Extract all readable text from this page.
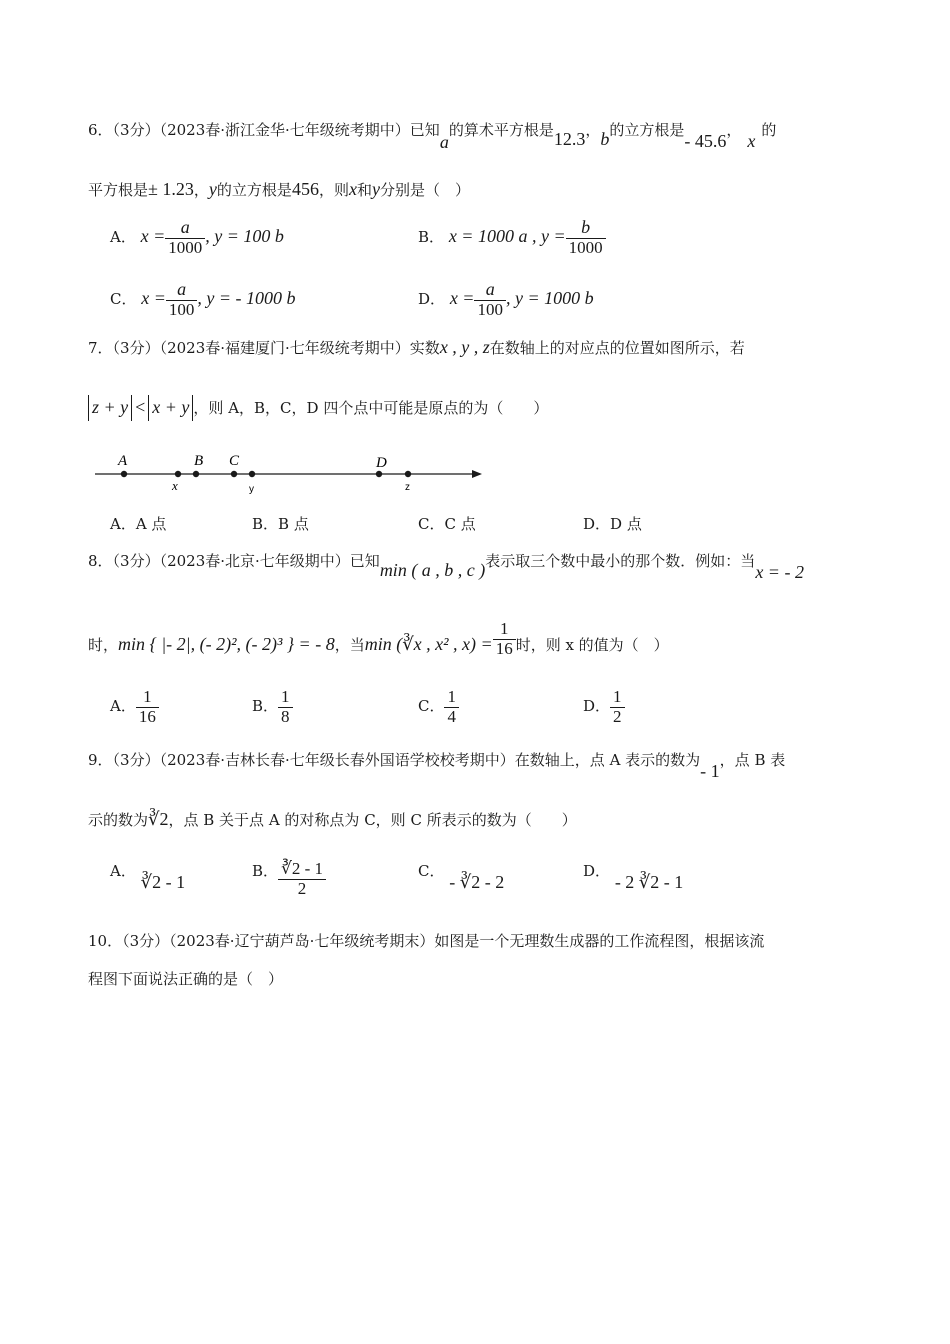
6．（3分）（2023春·浙江金华·七年级统考期中）已知a的算术平方根是12.3，b的立方根是- 45.6，x的
平方根是± 1.23，y的立方根是456，则x和y分别是（　）
A． $x = \frac{a}{1000}$ , y = 100 b	B． x = 1000 a , $y = \frac{b}{1000}$
C． $x = \frac{a}{100}$ , y = - 1000 b	D． $x = \frac{a}{100}$ , y = 1000 b
7．（3分）（2023春·福建厦门·七年级统考期中）实数x , y , z在数轴上的对应点的位置如图所示，若
z + y < x + y ，则 A，B，C，D 四个点中可能是原点的为（　　）
A	B C	D
x	y	z
A．A 点	B．B 点	C．C 点	D．D 点
8．（3分）（2023春·北京·七年级期中）已知min ( a , b , c )表示取三个数中最小的那个数．例如：当x = - 2
时，min { |- 2|, (- 2)², (- 2)³ } = - 8，当min (∛x , x² , $x) = \frac{1}{16}$ 时，则 x 的值为（　）
A． $\frac{1}{16}$	B． $\frac{1}{8}$	C． $\frac{1}{4}$	D． $\frac{1}{2}$
9．（3分）（2023春·吉林长春·七年级长春外国语学校校考期中）在数轴上，点 A 表示的数为- 1，点 B 表
示的数为∛2，点 B 关于点 A 的对称点为 C，则 C 所表示的数为（　　）
A． ∛2 - 1
B． $\frac{∛2 - 1}{2}$	C． - ∛2 - 2
D． - 2 ∛2 - 1
10．（3分）（2023春·辽宁葫芦岛·七年级统考期末）如图是一个无理数生成器的工作流程图，根据该流
程图下面说法正确的是（　）
